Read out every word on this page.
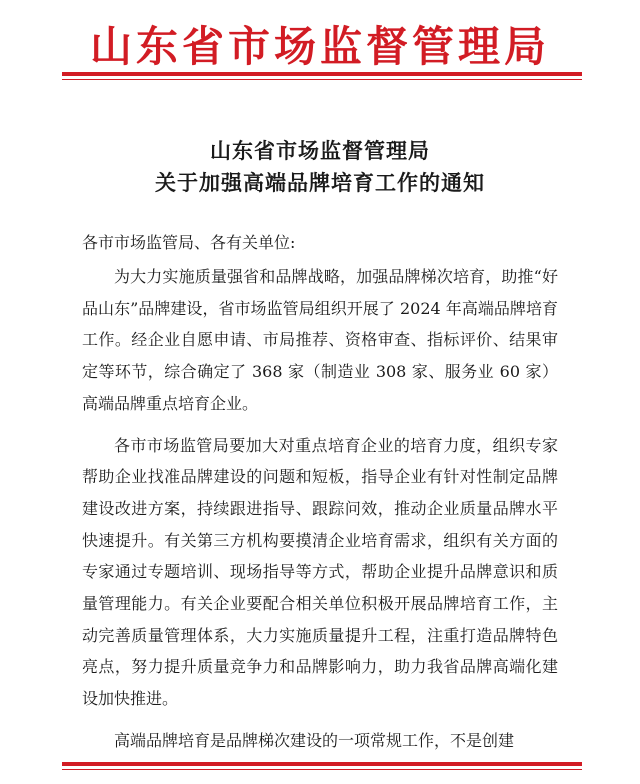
山东省市场监督管理局
山东省市场监督管理局
关于加强高端品牌培育工作的通知
各市市场监管局、各有关单位:

为大力实施质量强省和品牌战略，加强品牌梯次培育，助推“好品山东”品牌建设，省市场监管局组织开展了 2024 年高端品牌培育工作。经企业自愿申请、市局推荐、资格审查、指标评价、结果审定等环节，综合确定了 368 家（制造业 308 家、服务业 60 家）高端品牌重点培育企业。

各市市场监管局要加大对重点培育企业的培育力度，组织专家帮助企业找准品牌建设的问题和短板，指导企业有针对性制定品牌建设改进方案，持续跟进指导、跟踪问效，推动企业质量品牌水平快速提升。有关第三方机构要摸清企业培育需求，组织有关方面的专家通过专题培训、现场指导等方式，帮助企业提升品牌意识和质量管理能力。有关企业要配合相关单位积极开展品牌培育工作，主动完善质量管理体系，大力实施质量提升工程，注重打造品牌特色亮点，努力提升质量竞争力和品牌影响力，助力我省品牌高端化建设加快推进。

高端品牌培育是品牌梯次建设的一项常规工作，不是创建
